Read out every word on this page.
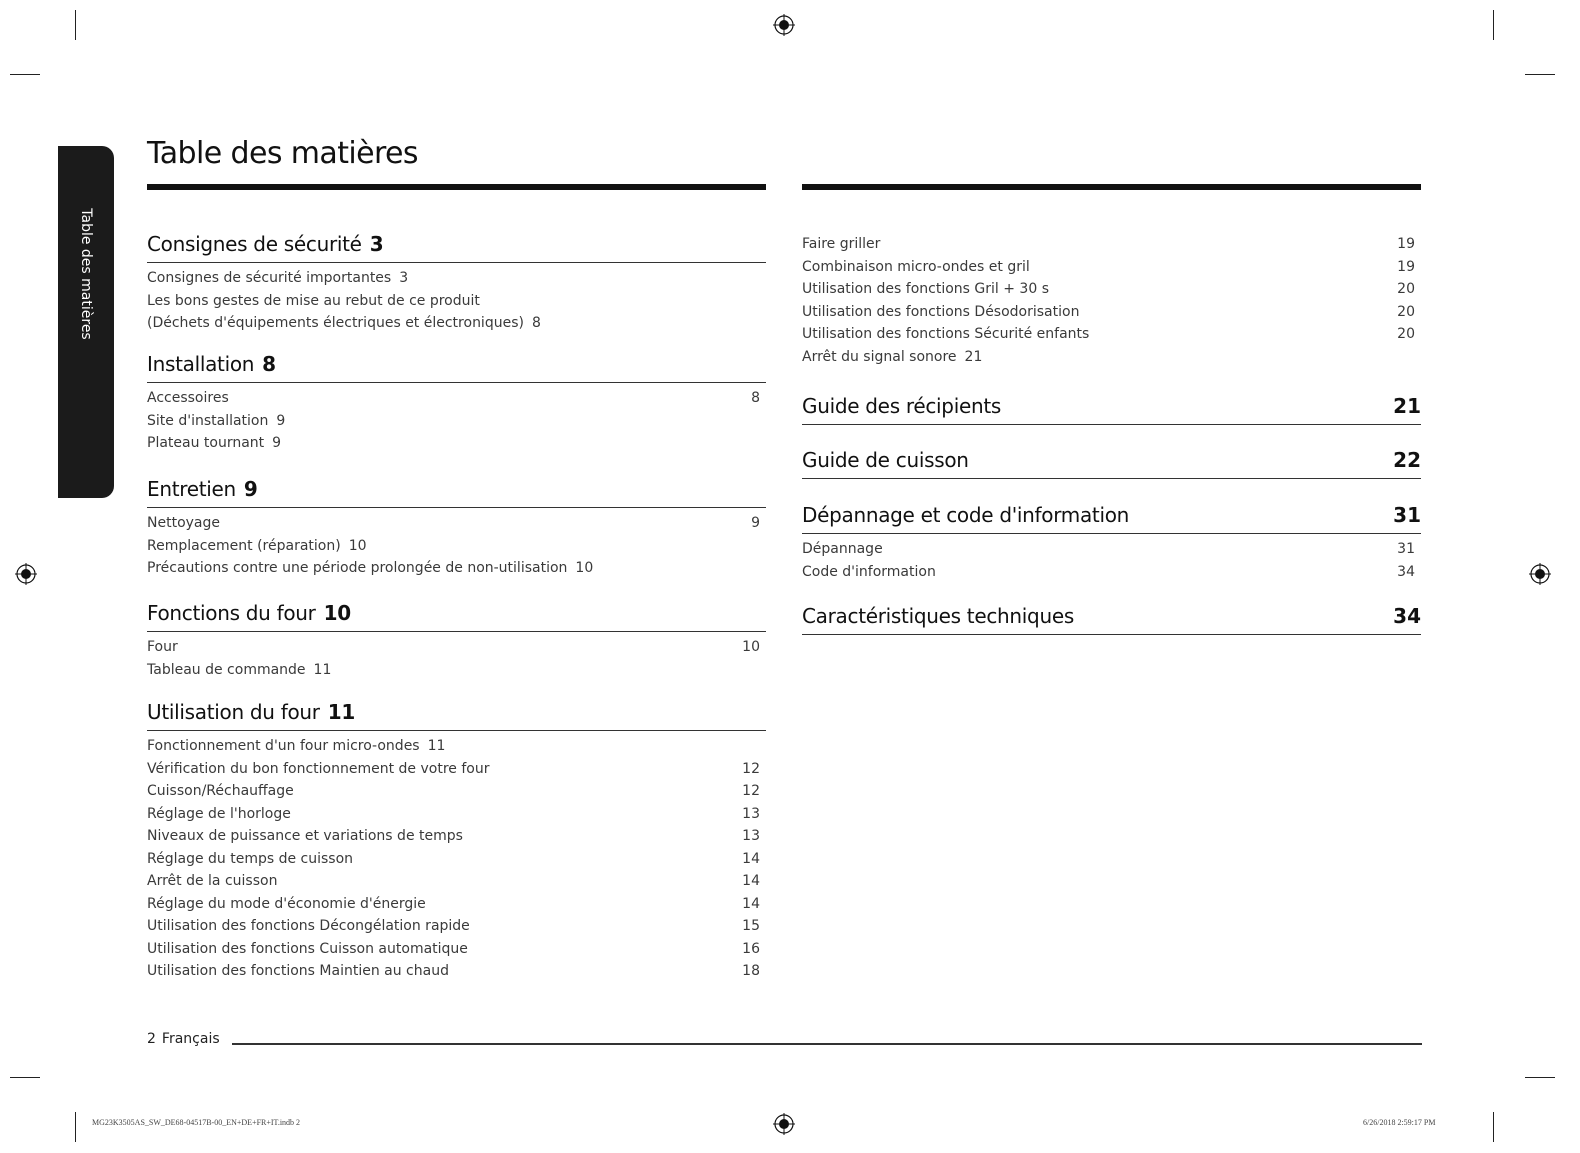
Table des matières
Table des matières
Consignes de sécurité 3
Consignes de sécurité importantes 3
Les bons gestes de mise au rebut de ce produit
(Déchets d'équipements électriques et électroniques) 8
Installation 8
Accessoires	8
Site d'installation 9
Plateau tournant 9
Entretien 9
Nettoyage	9
Remplacement (réparation) 10
Précautions contre une période prolongée de non-utilisation 10
Fonctions du four 10
Four	10
Tableau de commande 11
Utilisation du four 11
Fonctionnement d'un four micro-ondes 11
Vérification du bon fonctionnement de votre four	12
Cuisson/Réchauffage	12
Réglage de l'horloge	13
Niveaux de puissance et variations de temps	13
Réglage du temps de cuisson	14
Arrêt de la cuisson	14
Réglage du mode d'économie d'énergie	14
Utilisation des fonctions Décongélation rapide	15
Utilisation des fonctions Cuisson automatique	16
Utilisation des fonctions Maintien au chaud	18
Faire griller	19
Combinaison micro-ondes et gril	19
Utilisation des fonctions Gril + 30 s	20
Utilisation des fonctions Désodorisation	20
Utilisation des fonctions Sécurité enfants	20
Arrêt du signal sonore 21
Guide des récipients	21
Guide de cuisson	22
Dépannage et code d'information	31
Dépannage	31
Code d'information	34
Caractéristiques techniques	34
2 Français
MG23K3505AS_SW_DE68-04517B-00_EN+DE+FR+IT.indb 2	6/26/2018 2:59:17 PM
